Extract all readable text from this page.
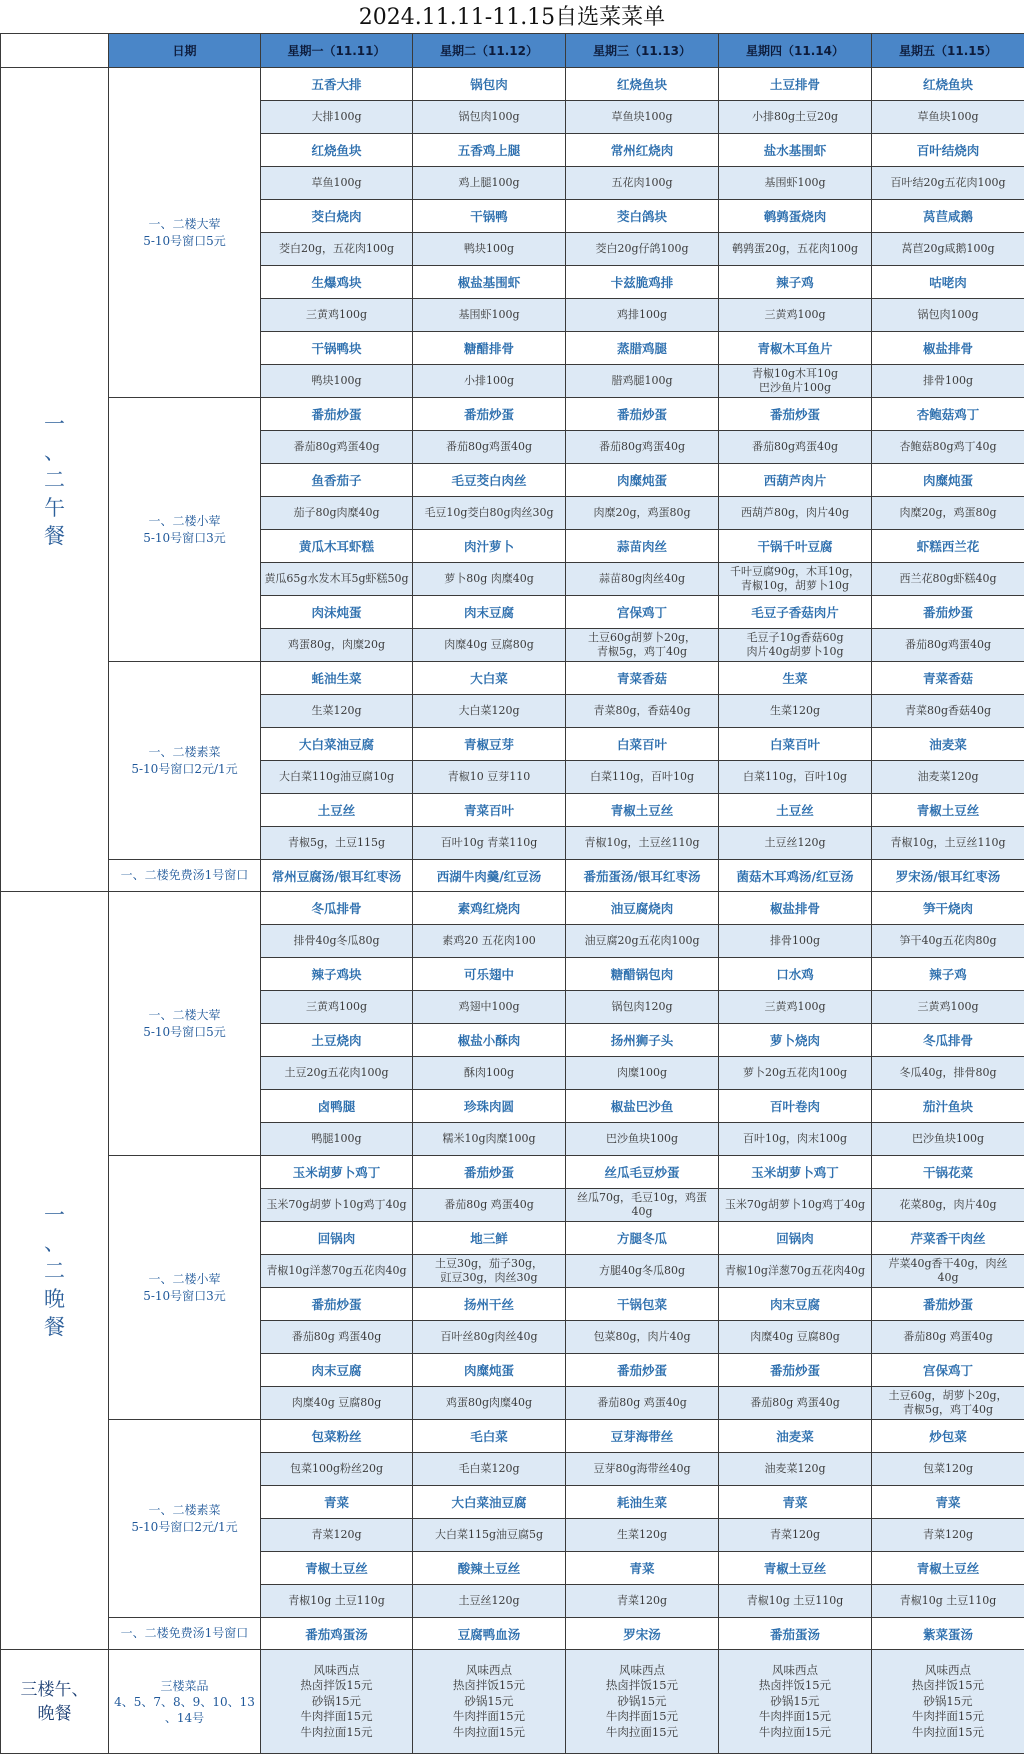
2024.11.11-11.15自选菜菜单
	日期	星期一（11.11）	星期二（11.12）	星期三（11.13）	星期四（11.14）	星期五（11.15）

一
、
二
午
餐	一、二楼大荤
5-10号窗口5元	五香大排	锅包肉	红烧鱼块	土豆排骨	红烧鱼块

		大排100g	锅包肉100g	草鱼块100g	小排80g土豆20g	草鱼块100g

		红烧鱼块	五香鸡上腿	常州红烧肉	盐水基围虾	百叶结烧肉

		草鱼100g	鸡上腿100g	五花肉100g	基围虾100g	百叶结20g五花肉100g

		茭白烧肉	干锅鸭	茭白鸽块	鹌鹑蛋烧肉	莴苣咸鹅

		茭白20g，五花肉100g	鸭块100g	茭白20g仔鸽100g	鹌鹑蛋20g，五花肉100g	莴苣20g咸鹅100g

		生爆鸡块	椒盐基围虾	卡兹脆鸡排	辣子鸡	咕咾肉

		三黄鸡100g	基围虾100g	鸡排100g	三黄鸡100g	锅包肉100g

		干锅鸭块	糖醋排骨	蒸腊鸡腿	青椒木耳鱼片	椒盐排骨

		鸭块100g	小排100g	腊鸡腿100g	青椒10g木耳10g
巴沙鱼片100g	排骨100g

	一、二楼小荤
5-10号窗口3元	番茄炒蛋	番茄炒蛋	番茄炒蛋	番茄炒蛋	杏鲍菇鸡丁

		番茄80g鸡蛋40g	番茄80g鸡蛋40g	番茄80g鸡蛋40g	番茄80g鸡蛋40g	杏鲍菇80g鸡丁40g

		鱼香茄子	毛豆茭白肉丝	肉糜炖蛋	西葫芦肉片	肉糜炖蛋

		茄子80g肉糜40g	毛豆10g茭白80g肉丝30g	肉糜20g，鸡蛋80g	西葫芦80g，肉片40g	肉糜20g，鸡蛋80g

		黄瓜木耳虾糕	肉汁萝卜	蒜苗肉丝	干锅千叶豆腐	虾糕西兰花

		黄瓜65g水发木耳5g虾糕50g	萝卜80g 肉糜40g	蒜苗80g肉丝40g	千叶豆腐90g，木耳10g，
青椒10g，胡萝卜10g	西兰花80g虾糕40g

		肉沫炖蛋	肉末豆腐	宫保鸡丁	毛豆子香菇肉片	番茄炒蛋

		鸡蛋80g，肉糜20g	肉糜40g 豆腐80g	土豆60g胡萝卜20g，
青椒5g，鸡丁40g	毛豆子10g香菇60g
肉片40g胡萝卜10g	番茄80g鸡蛋40g

	一、二楼素菜
5-10号窗口2元/1元	蚝油生菜	大白菜	青菜香菇	生菜	青菜香菇

		生菜120g	大白菜120g	青菜80g，香菇40g	生菜120g	青菜80g香菇40g

		大白菜油豆腐	青椒豆芽	白菜百叶	白菜百叶	油麦菜

		大白菜110g油豆腐10g	青椒10 豆芽110	白菜110g，百叶10g	白菜110g，百叶10g	油麦菜120g

		土豆丝	青菜百叶	青椒土豆丝	土豆丝	青椒土豆丝

		青椒5g，土豆115g	百叶10g 青菜110g	青椒10g，土豆丝110g	土豆丝120g	青椒10g，土豆丝110g

	一、二楼免费汤1号窗口	常州豆腐汤/银耳红枣汤	西湖牛肉羹/红豆汤	番茄蛋汤/银耳红枣汤	菌菇木耳鸡汤/红豆汤	罗宋汤/银耳红枣汤

一
、
二
晚
餐	一、二楼大荤
5-10号窗口5元	冬瓜排骨	素鸡红烧肉	油豆腐烧肉	椒盐排骨	笋干烧肉

		排骨40g冬瓜80g	素鸡20 五花肉100	油豆腐20g五花肉100g	排骨100g	笋干40g五花肉80g

		辣子鸡块	可乐翅中	糖醋锅包肉	口水鸡	辣子鸡

		三黄鸡100g	鸡翅中100g	锅包肉120g	三黄鸡100g	三黄鸡100g

		土豆烧肉	椒盐小酥肉	扬州狮子头	萝卜烧肉	冬瓜排骨

		土豆20g五花肉100g	酥肉100g	肉糜100g	萝卜20g五花肉100g	冬瓜40g，排骨80g

		卤鸭腿	珍珠肉圆	椒盐巴沙鱼	百叶卷肉	茄汁鱼块

		鸭腿100g	糯米10g肉糜100g	巴沙鱼块100g	百叶10g，肉末100g	巴沙鱼块100g

	一、二楼小荤
5-10号窗口3元	玉米胡萝卜鸡丁	番茄炒蛋	丝瓜毛豆炒蛋	玉米胡萝卜鸡丁	干锅花菜

		玉米70g胡萝卜10g鸡丁40g	番茄80g 鸡蛋40g	丝瓜70g，毛豆10g，鸡蛋
40g	玉米70g胡萝卜10g鸡丁40g	花菜80g，肉片40g

		回锅肉	地三鲜	方腿冬瓜	回锅肉	芹菜香干肉丝

		青椒10g洋葱70g五花肉40g	土豆30g，茄子30g，
豇豆30g，肉丝30g	方腿40g冬瓜80g	青椒10g洋葱70g五花肉40g	芹菜40g香干40g，肉丝
40g

		番茄炒蛋	扬州干丝	干锅包菜	肉末豆腐	番茄炒蛋

		番茄80g 鸡蛋40g	百叶丝80g肉丝40g	包菜80g，肉片40g	肉糜40g 豆腐80g	番茄80g 鸡蛋40g

		肉末豆腐	肉糜炖蛋	番茄炒蛋	番茄炒蛋	宫保鸡丁

		肉糜40g 豆腐80g	鸡蛋80g肉糜40g	番茄80g 鸡蛋40g	番茄80g 鸡蛋40g	土豆60g，胡萝卜20g，
青椒5g，鸡丁40g

	一、二楼素菜
5-10号窗口2元/1元	包菜粉丝	毛白菜	豆芽海带丝	油麦菜	炒包菜

		包菜100g粉丝20g	毛白菜120g	豆芽80g海带丝40g	油麦菜120g	包菜120g

		青菜	大白菜油豆腐	耗油生菜	青菜	青菜

		青菜120g	大白菜115g油豆腐5g	生菜120g	青菜120g	青菜120g

		青椒土豆丝	酸辣土豆丝	青菜	青椒土豆丝	青椒土豆丝

		青椒10g 土豆110g	土豆丝120g	青菜120g	青椒10g 土豆110g	青椒10g 土豆110g

	一、二楼免费汤1号窗口	番茄鸡蛋汤	豆腐鸭血汤	罗宋汤	番茄蛋汤	紫菜蛋汤

三楼午、
晚餐	三楼菜品
4、5、7、8、9、10、13
、14号	风味西点
热卤拌饭15元
砂锅15元
牛肉拌面15元
牛肉拉面15元	风味西点
热卤拌饭15元
砂锅15元
牛肉拌面15元
牛肉拉面15元	风味西点
热卤拌饭15元
砂锅15元
牛肉拌面15元
牛肉拉面15元	风味西点
热卤拌饭15元
砂锅15元
牛肉拌面15元
牛肉拉面15元	风味西点
热卤拌饭15元
砂锅15元
牛肉拌面15元
牛肉拉面15元
